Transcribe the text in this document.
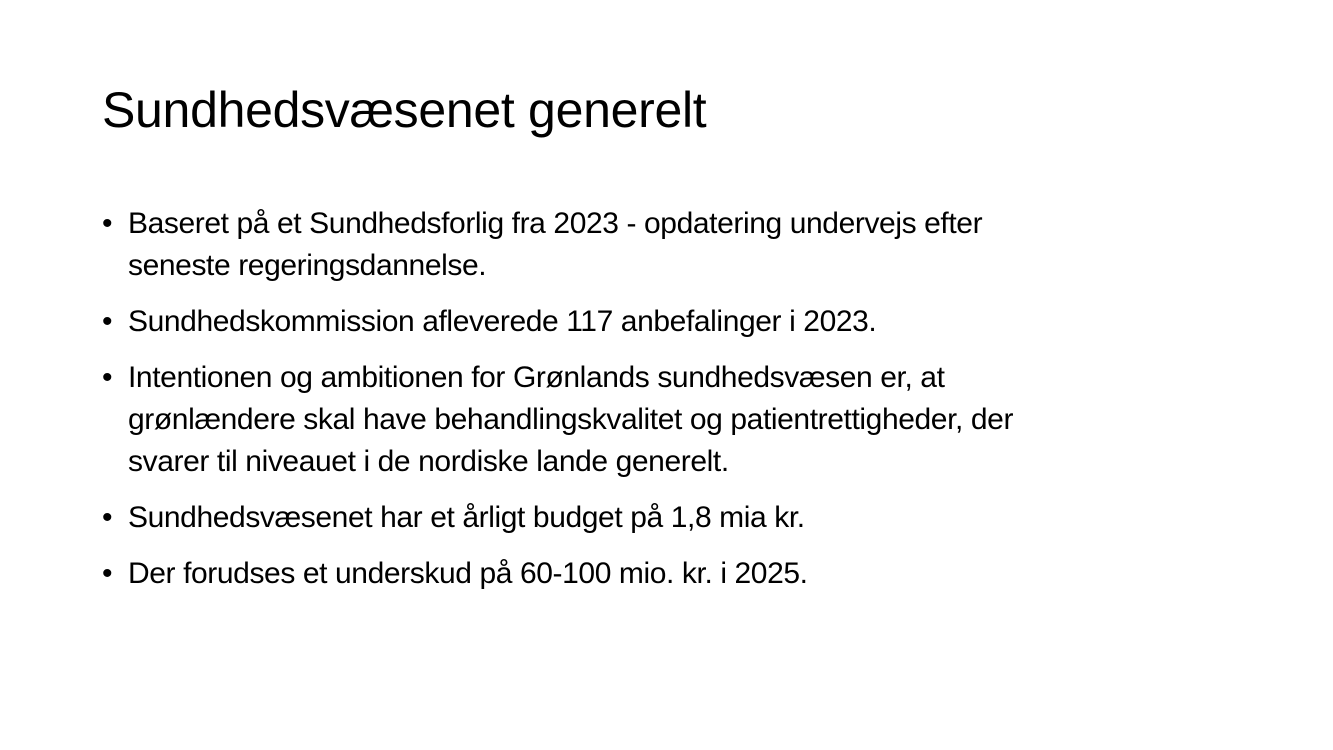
Sundhedsvæsenet generelt
• Baseret på et Sundhedsforlig fra 2023 - opdatering undervejs efter
seneste regeringsdannelse.
• Sundhedskommission afleverede 117 anbefalinger i 2023.
• Intentionen og ambitionen for Grønlands sundhedsvæsen er, at
grønlændere skal have behandlingskvalitet og patientrettigheder, der
svarer til niveauet i de nordiske lande generelt.
• Sundhedsvæsenet har et årligt budget på 1,8 mia kr.
• Der forudses et underskud på 60-100 mio. kr. i 2025.
